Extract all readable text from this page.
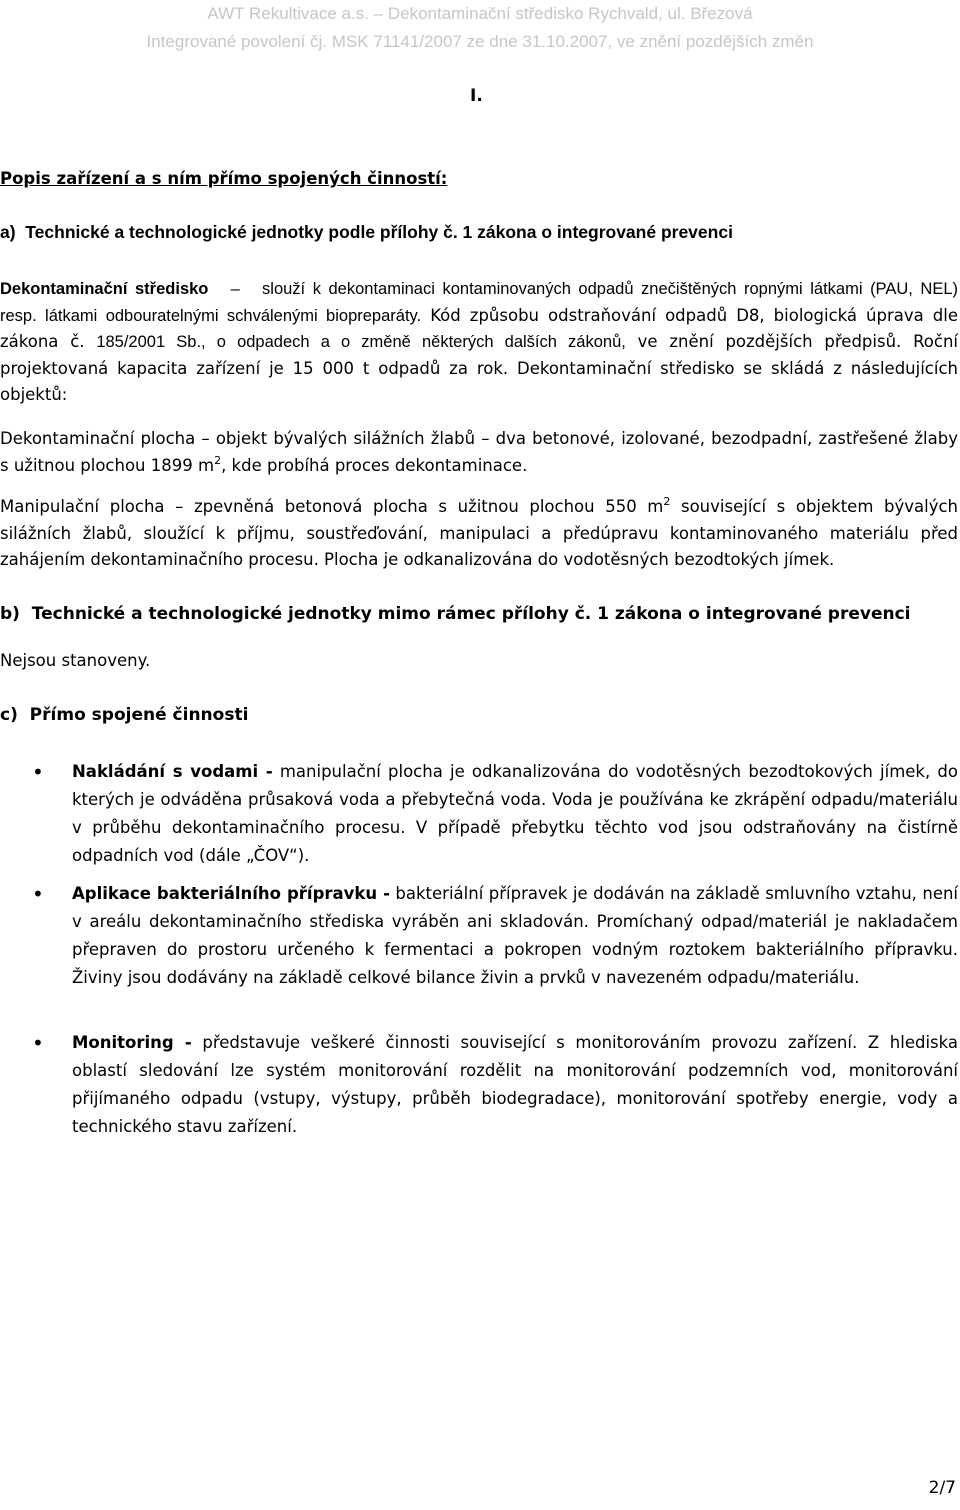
AWT Rekultivace a.s. – Dekontaminační středisko Rychvald, ul. Březová
Integrované povolení čj. MSK 71141/2007 ze dne 31.10.2007, ve znění pozdějších změn
I.
Popis zařízení a s ním přímo spojených činností:
a)  Technické a technologické jednotky podle přílohy č. 1 zákona o integrované prevenci
Dekontaminační středisko – slouží k dekontaminaci kontaminovaných odpadů znečištěných ropnými látkami (PAU, NEL) resp. látkami odbouratelnými schválenými biopreparáty. Kód způsobu odstraňování odpadů D8, biologická úprava dle zákona č. 185/2001 Sb., o odpadech a o změně některých dalších zákonů, ve znění pozdějších předpisů. Roční projektovaná kapacita zařízení je 15 000 t odpadů za rok. Dekontaminační středisko se skládá z následujících objektů:
Dekontaminační plocha – objekt bývalých silážních žlabů – dva betonové, izolované, bezodpadní, zastřešené žlaby s užitnou plochou 1899 $m^2$, kde probíhá proces dekontaminace.
Manipulační plocha – zpevněná betonová plocha s užitnou plochou 550 $m^2$ související s objektem bývalých silážních žlabů, sloužící k příjmu, soustřeďování, manipulaci a předúpravu kontaminovaného materiálu před zahájením dekontaminačního procesu. Plocha je odkanalizována do vodotěsných bezodtokých jímek.
b)  Technické a technologické jednotky mimo rámec přílohy č. 1 zákona o integrované prevenci
Nejsou stanoveny.
c)  Přímo spojené činnosti
• Nakládání s vodami - manipulační plocha je odkanalizována do vodotěsných bezodtokových jímek, do kterých je odváděna průsaková voda a přebytečná voda. Voda je používána ke zkrápění odpadu/materiálu v průběhu dekontaminačního procesu. V případě přebytku těchto vod jsou odstraňovány na čistírně odpadních vod (dále „ČOV“).
• Aplikace bakteriálního přípravku - bakteriální přípravek je dodáván na základě smluvního vztahu, není v areálu dekontaminačního střediska vyráběn ani skladován. Promíchaný odpad/materiál je nakladačem přepraven do prostoru určeného k fermentaci a pokropen vodným roztokem bakteriálního přípravku. Živiny jsou dodávány na základě celkové bilance živin a prvků v navezeném odpadu/materiálu.
• Monitoring - představuje veškeré činnosti související s monitorováním provozu zařízení. Z hlediska oblastí sledování lze systém monitorování rozdělit na monitorování podzemních vod, monitorování přijímaného odpadu (vstupy, výstupy, průběh biodegradace), monitorování spotřeby energie, vody a technického stavu zařízení.
2/7
